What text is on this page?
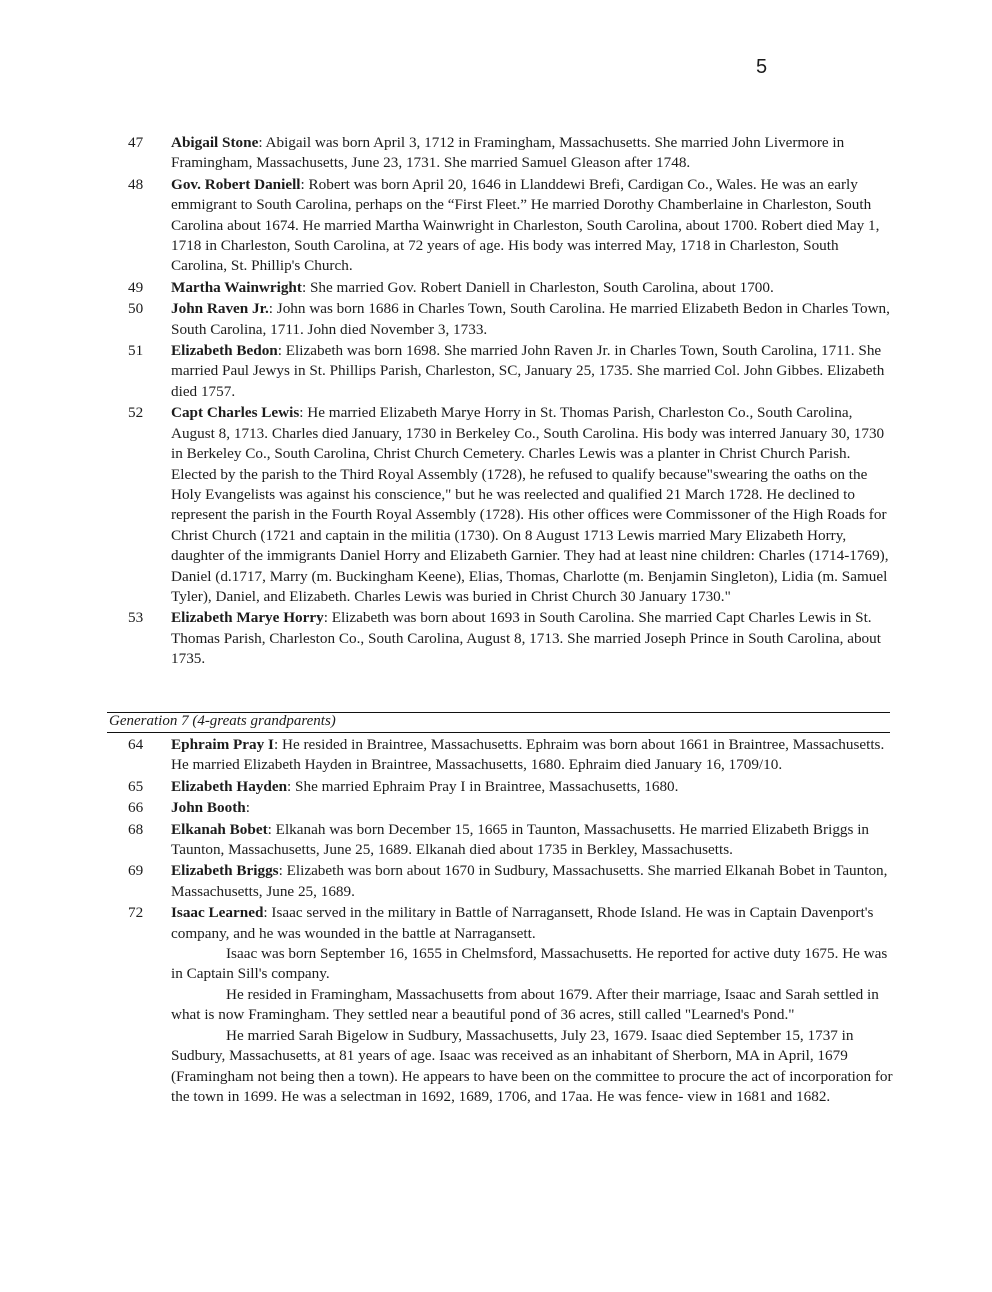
5
47	Abigail Stone: Abigail was born April 3, 1712 in Framingham, Massachusetts. She married John Livermore in Framingham, Massachusetts, June 23, 1731. She married Samuel Gleason after 1748.
48	Gov. Robert Daniell: Robert was born April 20, 1646 in Llanddewi Brefi, Cardigan Co., Wales. He was an early emmigrant to South Carolina, perhaps on the “First Fleet.” He married Dorothy Chamberlaine in Charleston, South Carolina about 1674. He married Martha Wainwright in Charleston, South Carolina, about 1700. Robert died May 1, 1718 in Charleston, South Carolina, at 72 years of age. His body was interred May, 1718 in Charleston, South Carolina, St. Phillip's Church.
49	Martha Wainwright: She married Gov. Robert Daniell in Charleston, South Carolina, about 1700.
50	John Raven Jr.: John was born 1686 in Charles Town, South Carolina. He married Elizabeth Bedon in Charles Town, South Carolina, 1711. John died November 3, 1733.
51	Elizabeth Bedon: Elizabeth was born 1698. She married John Raven Jr. in Charles Town, South Carolina, 1711. She married Paul Jewys in St. Phillips Parish, Charleston, SC, January 25, 1735. She married Col. John Gibbes. Elizabeth died 1757.
52	Capt Charles Lewis: He married Elizabeth Marye Horry in St. Thomas Parish, Charleston Co., South Carolina, August 8, 1713. Charles died January, 1730 in Berkeley Co., South Carolina. His body was interred January 30, 1730 in Berkeley Co., South Carolina, Christ Church Cemetery. Charles Lewis was a planter in Christ Church Parish. Elected by the parish to the Third Royal Assembly (1728), he refused to qualify because"swearing the oaths on the Holy Evangelists was against his conscience," but he was reelected and qualified 21 March 1728. He declined to represent the parish in the Fourth Royal Assembly (1728). His other offices were Commissoner of the High Roads for Christ Church (1721 and captain in the militia (1730). On 8 August 1713 Lewis married Mary Elizabeth Horry, daughter of the immigrants Daniel Horry and Elizabeth Garnier. They had at least nine children: Charles (1714-1769), Daniel (d.1717, Marry (m. Buckingham Keene), Elias, Thomas, Charlotte (m. Benjamin Singleton), Lidia (m. Samuel Tyler), Daniel, and Elizabeth. Charles Lewis was buried in Christ Church 30 January 1730."
53	Elizabeth Marye Horry: Elizabeth was born about 1693 in South Carolina. She married Capt Charles Lewis in St. Thomas Parish, Charleston Co., South Carolina, August 8, 1713. She married Joseph Prince in South Carolina, about 1735.
Generation 7 (4-greats grandparents)
64	Ephraim Pray I: He resided in Braintree, Massachusetts. Ephraim was born about 1661 in Braintree, Massachusetts. He married Elizabeth Hayden in Braintree, Massachusetts, 1680. Ephraim died January 16, 1709/10.
65	Elizabeth Hayden: She married Ephraim Pray I in Braintree, Massachusetts, 1680.
66	John Booth:
68	Elkanah Bobet: Elkanah was born December 15, 1665 in Taunton, Massachusetts. He married Elizabeth Briggs in Taunton, Massachusetts, June 25, 1689. Elkanah died about 1735 in Berkley, Massachusetts.
69	Elizabeth Briggs: Elizabeth was born about 1670 in Sudbury, Massachusetts. She married Elkanah Bobet in Taunton, Massachusetts, June 25, 1689.
72	Isaac Learned: Isaac served in the military in Battle of Narragansett, Rhode Island. He was in Captain Davenport's company, and he was wounded in the battle at Narragansett.
Isaac was born September 16, 1655 in Chelmsford, Massachusetts. He reported for active duty 1675. He was in Captain Sill's company.
He resided in Framingham, Massachusetts from about 1679. After their marriage, Isaac and Sarah settled in what is now Framingham. They settled near a beautiful pond of 36 acres, still called "Learned's Pond."
He married Sarah Bigelow in Sudbury, Massachusetts, July 23, 1679. Isaac died September 15, 1737 in Sudbury, Massachusetts, at 81 years of age. Isaac was received as an inhabitant of Sherborn, MA in April, 1679 (Framingham not being then a town). He appears to have been on the committee to procure the act of incorporation for the town in 1699. He was a selectman in 1692, 1689, 1706, and 17aa. He was fence- view in 1681 and 1682.
